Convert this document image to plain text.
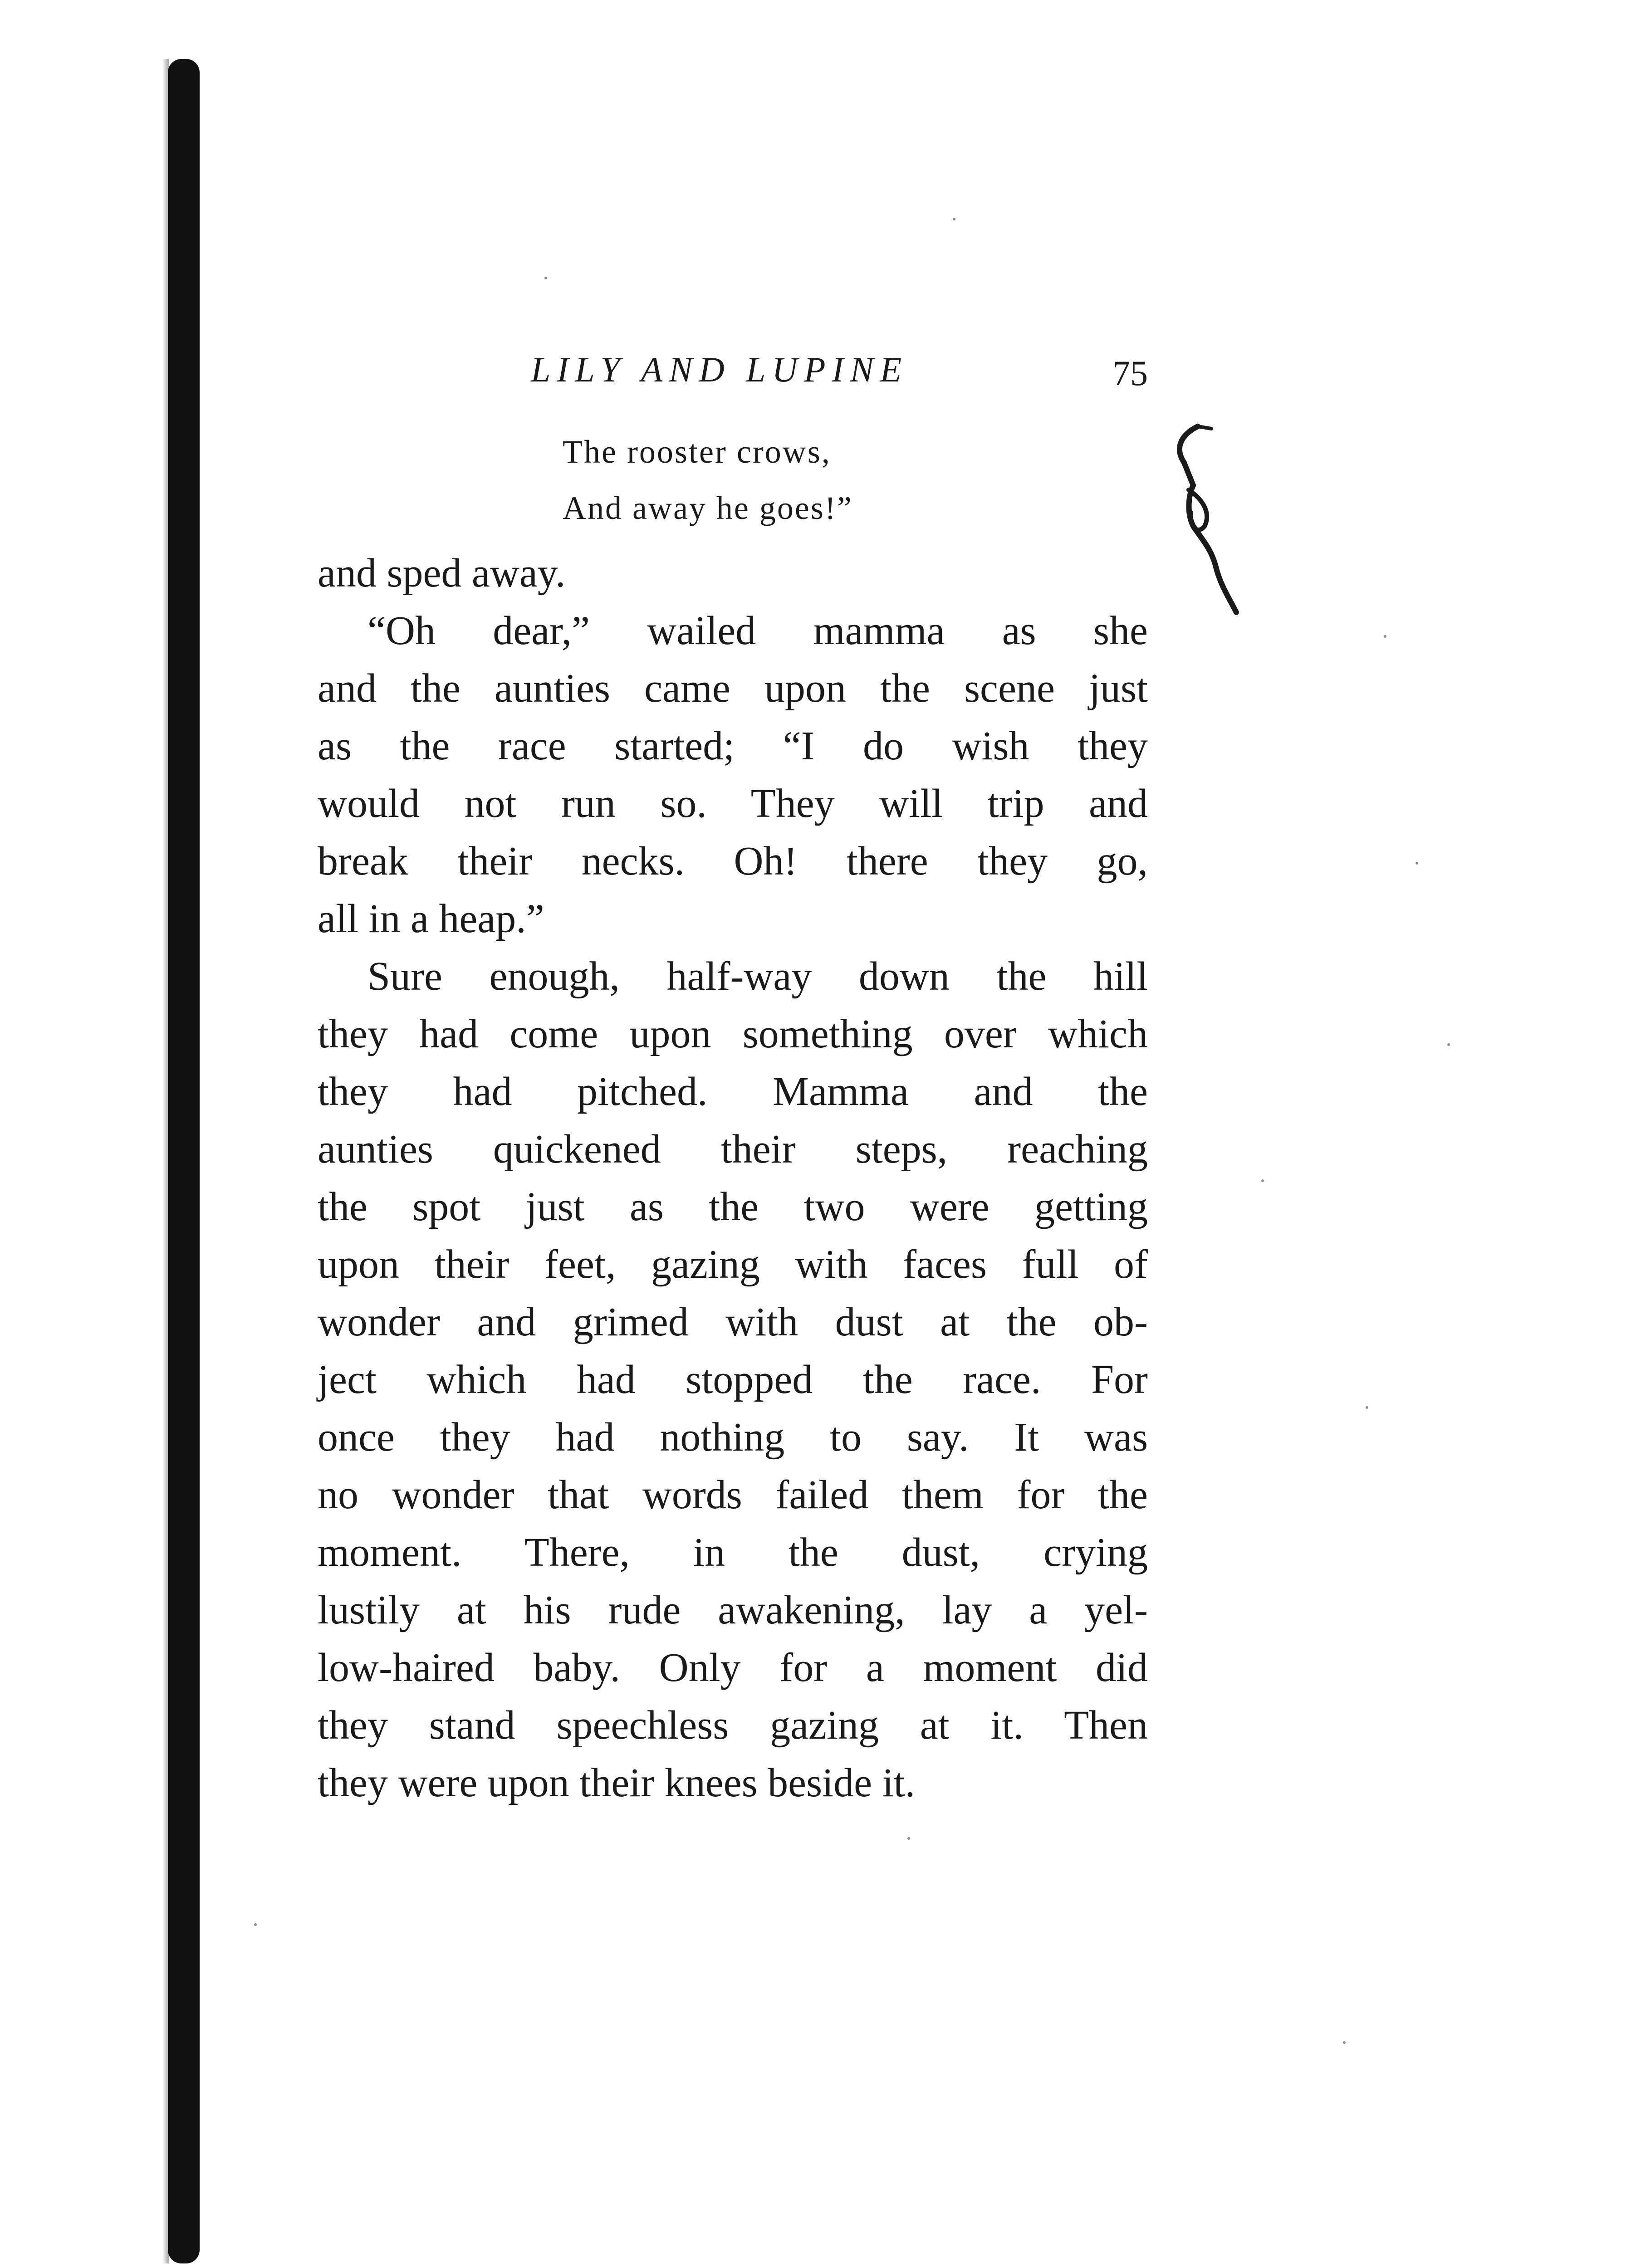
LILY AND LUPINE	75
The rooster crows,
And away he goes!”
and sped away.
“Oh dear,” wailed mamma as she
and the aunties came upon the scene just
as the race started; “I do wish they
would not run so. They will trip and
break their necks. Oh! there they go,
all in a heap.”
Sure enough, half-way down the hill
they had come upon something over which
they had pitched. Mamma and the
aunties quickened their steps, reaching
the spot just as the two were getting
upon their feet, gazing with faces full of
wonder and grimed with dust at the ob-
ject which had stopped the race. For
once they had nothing to say. It was
no wonder that words failed them for the
moment. There, in the dust, crying
lustily at his rude awakening, lay a yel-
low-haired baby. Only for a moment did
they stand speechless gazing at it. Then
they were upon their knees beside it.
